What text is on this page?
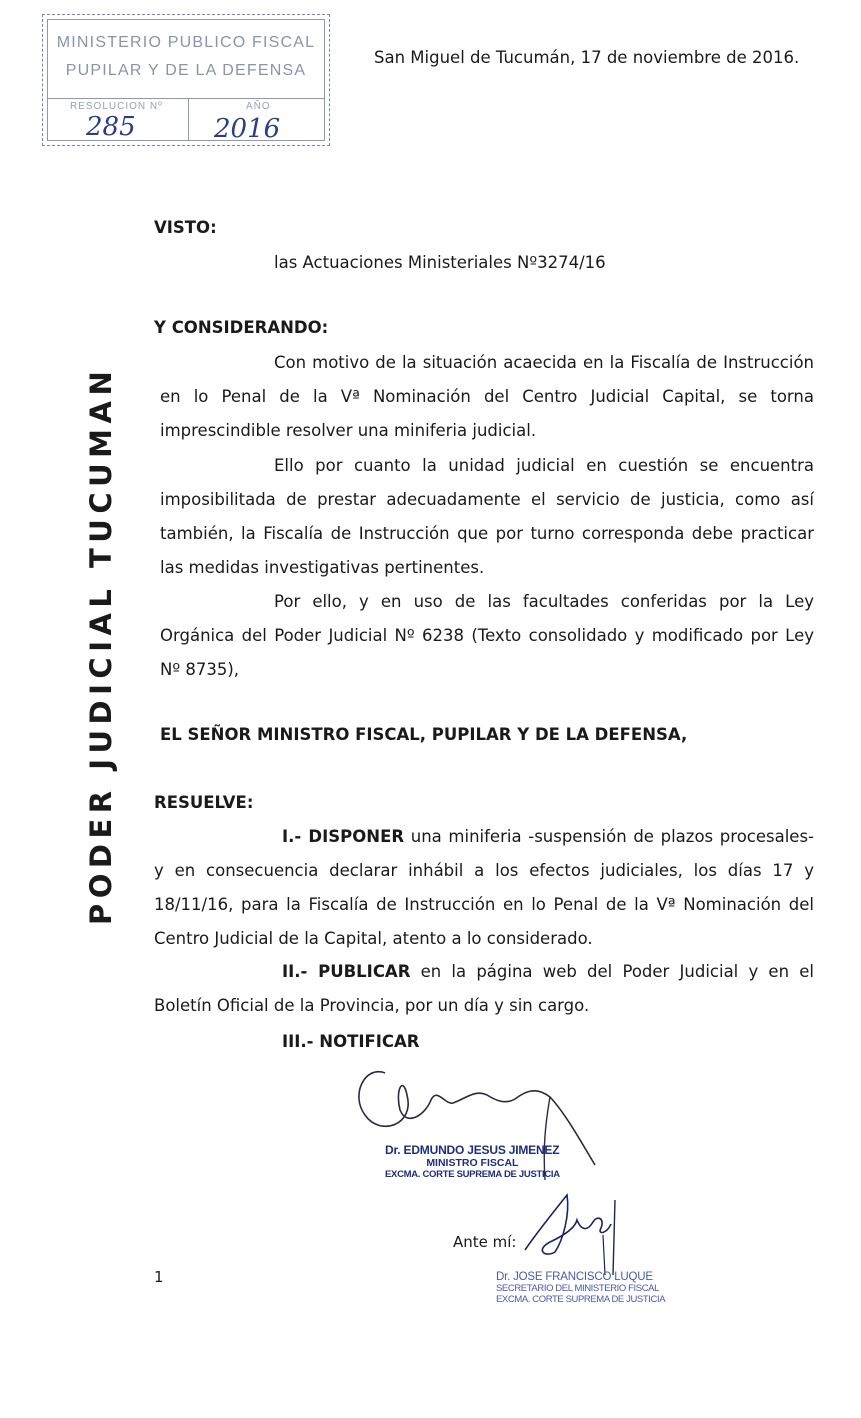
MINISTERIO PUBLICO FISCAL
PUPILAR Y DE LA DEFENSA
RESOLUCION Nº	AÑO
285	2016
San Miguel de Tucumán, 17 de noviembre de 2016.
PODER JUDICIAL TUCUMAN
VISTO:
las Actuaciones Ministeriales Nº3274/16
Y CONSIDERANDO:
Con motivo de la situación acaecida en la Fiscalía de Instrucción en lo Penal de la Vª Nominación del Centro Judicial Capital, se torna imprescindible resolver una miniferia judicial.
Ello por cuanto la unidad judicial en cuestión se encuentra imposibilitada de prestar adecuadamente el servicio de justicia, como así también, la Fiscalía de Instrucción que por turno corresponda debe practicar las medidas investigativas pertinentes.
Por ello, y en uso de las facultades conferidas por la Ley Orgánica del Poder Judicial Nº 6238 (Texto consolidado y modificado por Ley Nº 8735),
EL SEÑOR MINISTRO FISCAL, PUPILAR Y DE LA DEFENSA,
RESUELVE:
I.- DISPONER una miniferia -suspensión de plazos procesales- y en consecuencia declarar inhábil a los efectos judiciales, los días 17 y 18/11/16, para la Fiscalía de Instrucción en lo Penal de la Vª Nominación del Centro Judicial de la Capital, atento a lo considerado.
II.- PUBLICAR en la página web del Poder Judicial y en el Boletín Oficial de la Provincia, por un día y sin cargo.
III.- NOTIFICAR
Dr. EDMUNDO JESUS JIMENEZ
MINISTRO FISCAL
EXCMA. CORTE SUPREMA DE JUSTICIA
Ante mí:
Dr. JOSE FRANCISCO LUQUE
SECRETARIO DEL MINISTERIO FISCAL
EXCMA. CORTE SUPREMA DE JUSTICIA
1
